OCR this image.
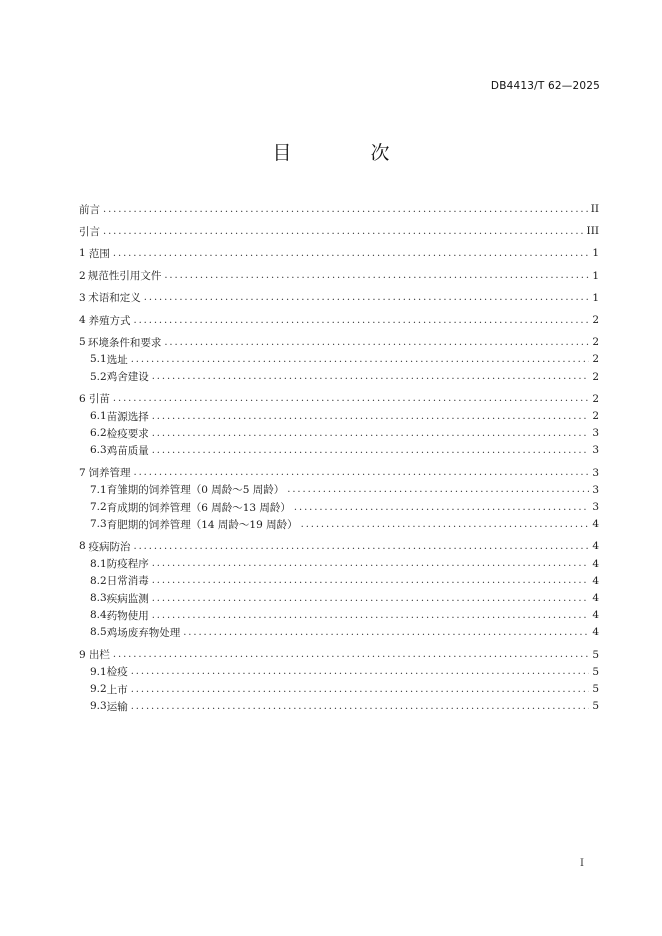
DB4413/T 62—2025
目　次
前言 .....	II
引言 .....	III
1 范围 .....	1
2 规范性引用文件 .....	1
3 术语和定义 .....	1
4 养殖方式 .....	2
5 环境条件和要求 .....	2
5.1 选址 .....	2
5.2 鸡舍建设 .....	2
6 引苗 .....	2
6.1 苗源选择 .....	2
6.2 检疫要求 .....	3
6.3 鸡苗质量 .....	3
7 饲养管理 .....	3
7.1 育雏期的饲养管理（0 周龄～5 周龄） .....	3
7.2 育成期的饲养管理（6 周龄～13 周龄） .....	3
7.3 育肥期的饲养管理（14 周龄～19 周龄） .....	4
8 疫病防治 .....	4
8.1 防疫程序 .....	4
8.2 日常消毒 .....	4
8.3 疾病监测 .....	4
8.4 药物使用 .....	4
8.5 鸡场废弃物处理 .....	4
9 出栏 .....	5
9.1 检疫 .....	5
9.2 上市 .....	5
9.3 运输 .....	5
I
